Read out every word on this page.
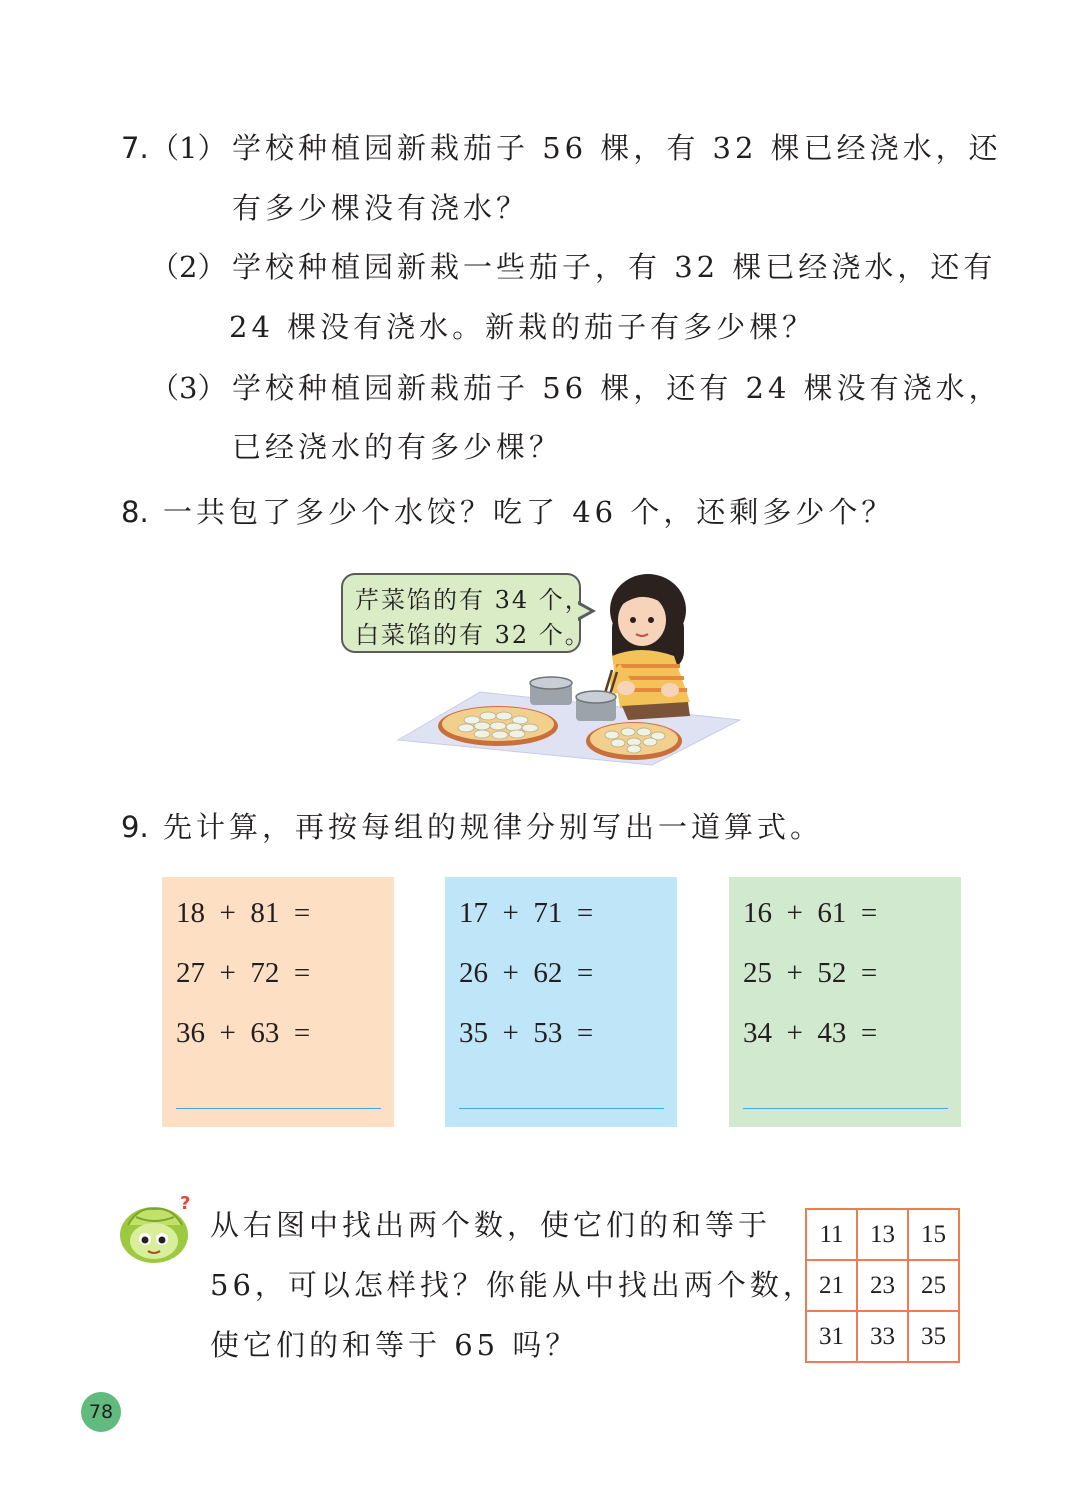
7. （1） 学校种植园新栽茄子 56 棵，有 32 棵已经浇水，还
有多少棵没有浇水？
（2） 学校种植园新栽一些茄子，有 32 棵已经浇水，还有
24 棵没有浇水。新栽的茄子有多少棵？
（3） 学校种植园新栽茄子 56 棵，还有 24 棵没有浇水，
已经浇水的有多少棵？
8. 一共包了多少个水饺？吃了 46 个，还剩多少个？
芹菜馅的有 34 个，
白菜馅的有 32 个。
9. 先计算，再按每组的规律分别写出一道算式。
18  +  81  =
27  +  72  =
36  +  63  =
17  +  71  =
26  +  62  =
35  +  53  =
16  +  61  =
25  +  52  =
34  +  43  =
?
从右图中找出两个数，使它们的和等于
56，可以怎样找？你能从中找出两个数，
使它们的和等于 65 吗？
11	13	15
21	23	25
31	33	35
78
